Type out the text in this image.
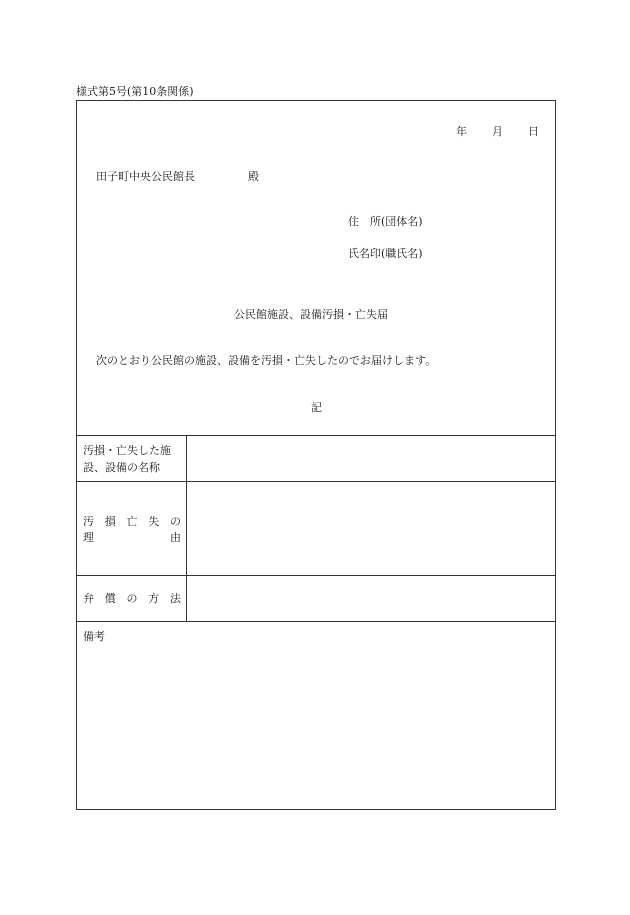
様式第5号(第10条関係)
年 月 日
田子町中央公民館長	殿
住　所(団体名)
氏名印(職氏名)
公民館施設、設備汚損・亡失届
次のとおり公民館の施設、設備を汚損・亡失したのでお届けします。
記
汚損・亡失した施
設、設備の名称
汚 損 亡 失 の
理	由
弁 償 の 方 法
備考
